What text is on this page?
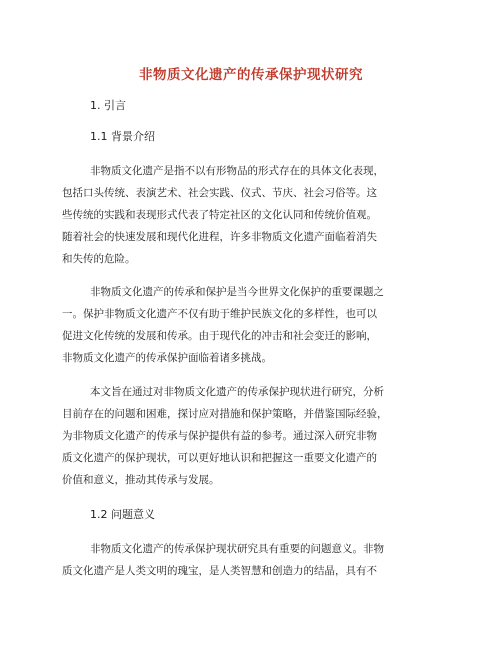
非物质文化遗产的传承保护现状研究
1. 引言
1.1 背景介绍
非物质文化遗产是指不以有形物品的形式存在的具体文化表现，
包括口头传统、表演艺术、社会实践、仪式、节庆、社会习俗等。这
些传统的实践和表现形式代表了特定社区的文化认同和传统价值观。
随着社会的快速发展和现代化进程，许多非物质文化遗产面临着消失
和失传的危险。
非物质文化遗产的传承和保护是当今世界文化保护的重要课题之
一。保护非物质文化遗产不仅有助于维护民族文化的多样性，也可以
促进文化传统的发展和传承。由于现代化的冲击和社会变迁的影响，
非物质文化遗产的传承保护面临着诸多挑战。
本文旨在通过对非物质文化遗产的传承保护现状进行研究，分析
目前存在的问题和困难，探讨应对措施和保护策略，并借鉴国际经验，
为非物质文化遗产的传承与保护提供有益的参考。通过深入研究非物
质文化遗产的保护现状，可以更好地认识和把握这一重要文化遗产的
价值和意义，推动其传承与发展。
1.2 问题意义
非物质文化遗产的传承保护现状研究具有重要的问题意义。非物
质文化遗产是人类文明的瑰宝，是人类智慧和创造力的结晶，具有不
